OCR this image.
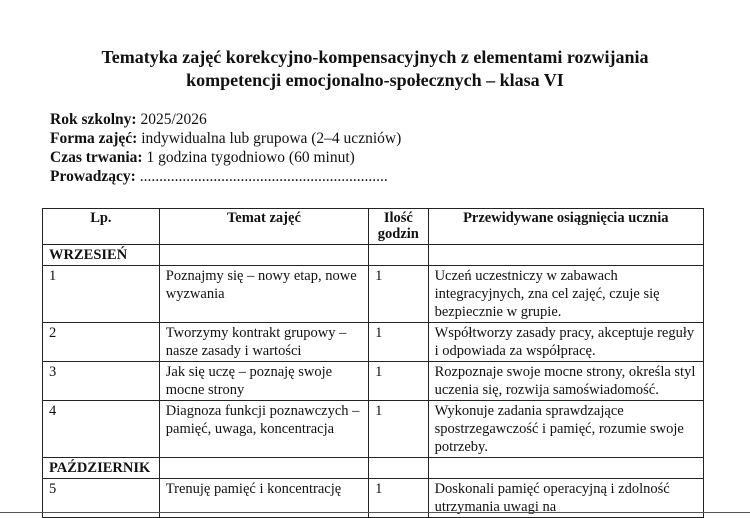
Tematyka zajęć korekcyjno-kompensacyjnych z elementami rozwijania
kompetencji emocjonalno-społecznych – klasa VI
Rok szkolny: 2025/2026
Forma zajęć: indywidualna lub grupowa (2–4 uczniów)
Czas trwania: 1 godzina tygodniowo (60 minut)
Prowadzący: ................................................................
Lp.	Temat zajęć	Ilość godzin	Przewidywane osiągnięcia ucznia
WRZESIEŃ			
1	Poznajmy się – nowy etap, nowe wyzwania	1	Uczeń uczestniczy w zabawach integracyjnych, zna cel zajęć, czuje się bezpiecznie w grupie.
2	Tworzymy kontrakt grupowy – nasze zasady i wartości	1	Współtworzy zasady pracy, akceptuje reguły i odpowiada za współpracę.
3	Jak się uczę – poznaję swoje mocne strony	1	Rozpoznaje swoje mocne strony, określa styl uczenia się, rozwija samoświadomość.
4	Diagnoza funkcji poznawczych – pamięć, uwaga, koncentracja	1	Wykonuje zadania sprawdzające spostrzegawczość i pamięć, rozumie swoje potrzeby.
PAŹDZIERNIK			
5	Trenuję pamięć i koncentrację	1	Doskonali pamięć operacyjną i zdolność utrzymania uwagi na
